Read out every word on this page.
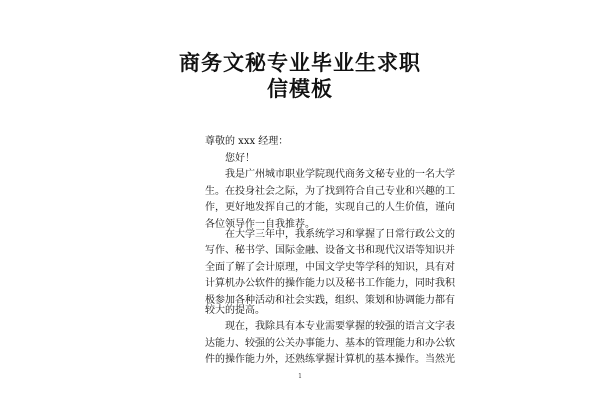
商务文秘专业毕业生求职
信模板
尊敬的 xxx 经理：
　　您好！
　　我是广州城市职业学院现代商务文秘专业的一名大学
生。在投身社会之际，为了找到符合自己专业和兴趣的工
作，更好地发挥自己的才能，实现自己的人生价值，谨向
各位领导作一自我推荐。
　　在大学三年中，我系统学习和掌握了日常行政公文的
写作、秘书学、国际金融、设备文书和现代汉语等知识并
全面了解了会计原理，中国文学史等学科的知识，具有对
计算机办公软件的操作能力以及秘书工作能力，同时我积
极参加各种活动和社会实践，组织、策划和协调能力都有
较大的提高。
　　现在，我除具有本专业需要掌握的较强的语言文字表
达能力、较强的公关办事能力、基本的管理能力和办公软
件的操作能力外，还熟练掌握计算机的基本操作。当然光
1
